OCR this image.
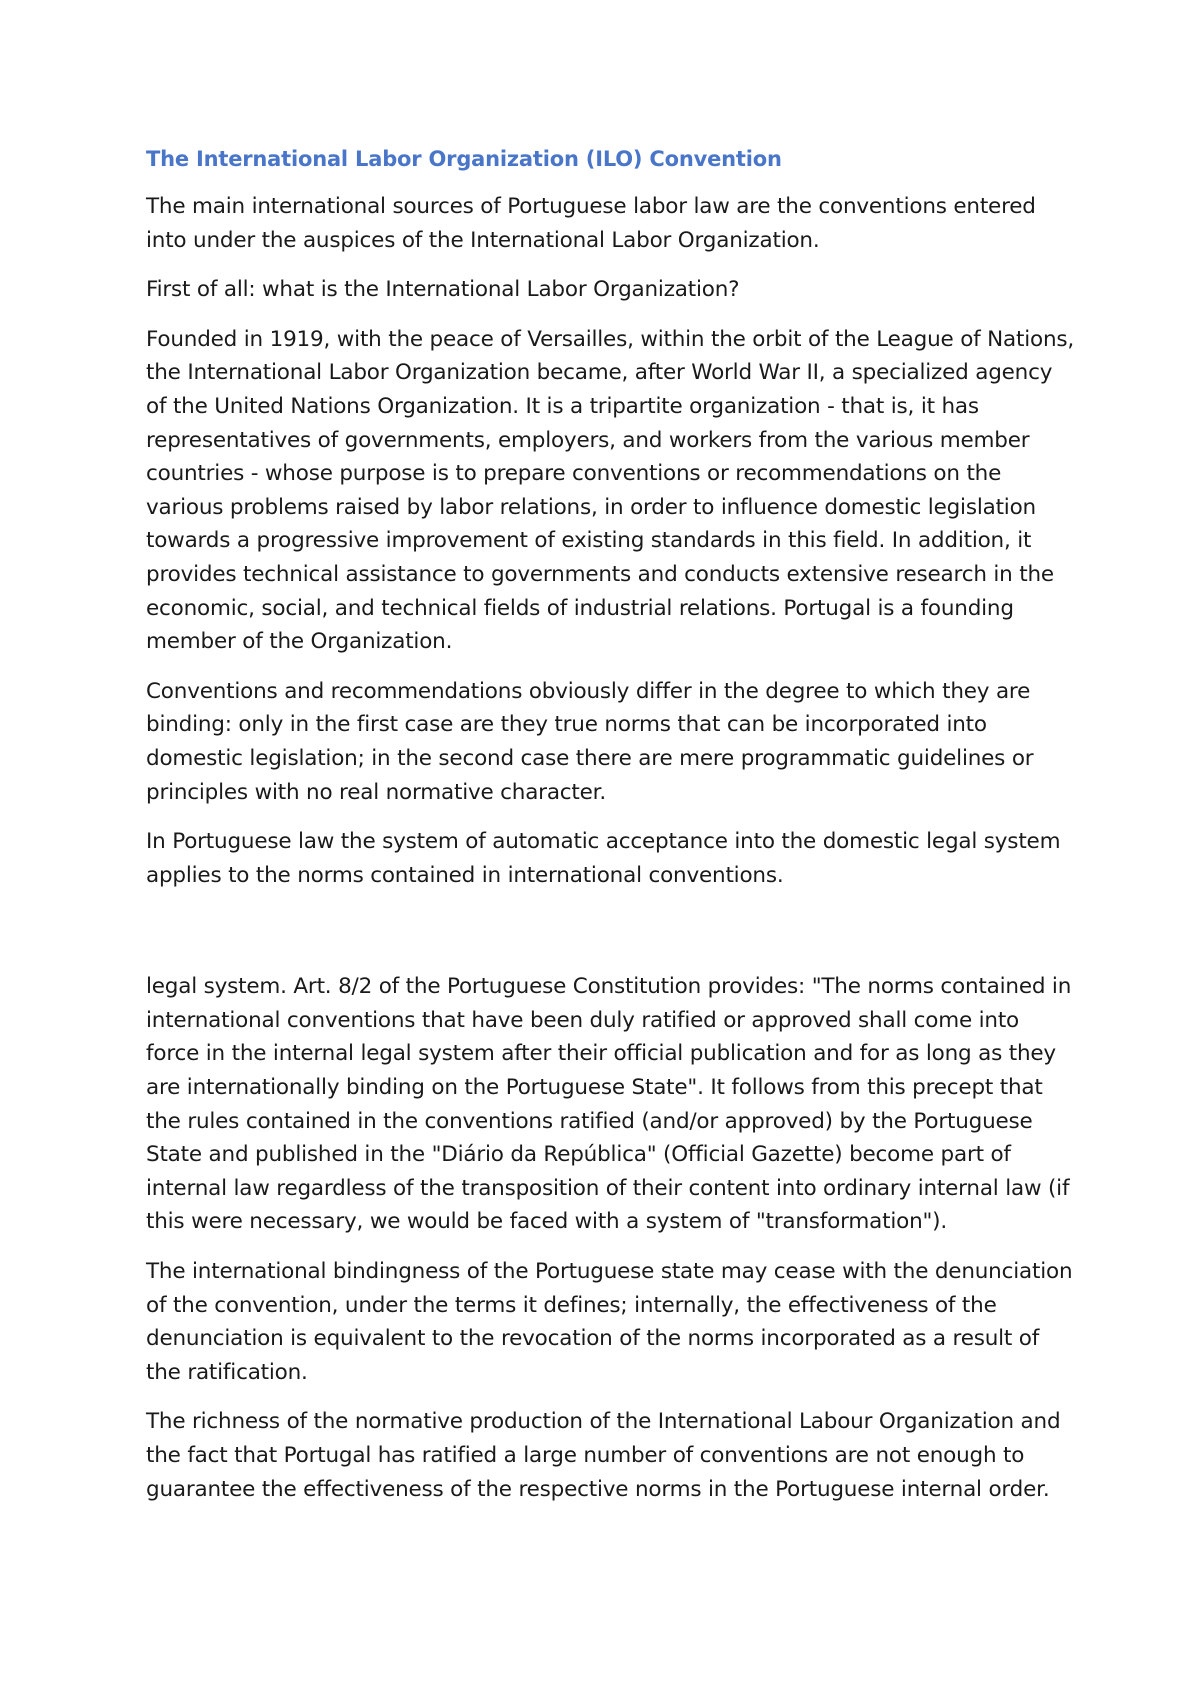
The International Labor Organization (ILO) Convention

The main international sources of Portuguese labor law are the conventions entered into under the auspices of the International Labor Organization.

First of all: what is the International Labor Organization?

Founded in 1919, with the peace of Versailles, within the orbit of the League of Nations, the International Labor Organization became, after World War II, a specialized agency of the United Nations Organization. It is a tripartite organization - that is, it has representatives of governments, employers, and workers from the various member countries - whose purpose is to prepare conventions or recommendations on the various problems raised by labor relations, in order to influence domestic legislation towards a progressive improvement of existing standards in this field. In addition, it provides technical assistance to governments and conducts extensive research in the economic, social, and technical fields of industrial relations. Portugal is a founding member of the Organization.

Conventions and recommendations obviously differ in the degree to which they are binding: only in the first case are they true norms that can be incorporated into domestic legislation; in the second case there are mere programmatic guidelines or principles with no real normative character.

In Portuguese law the system of automatic acceptance into the domestic legal system applies to the norms contained in international conventions.

legal system. Art. 8/2 of the Portuguese Constitution provides: "The norms contained in international conventions that have been duly ratified or approved shall come into force in the internal legal system after their official publication and for as long as they are internationally binding on the Portuguese State". It follows from this precept that the rules contained in the conventions ratified (and/or approved) by the Portuguese State and published in the "Diário da República" (Official Gazette) become part of internal law regardless of the transposition of their content into ordinary internal law (if this were necessary, we would be faced with a system of "transformation").

The international bindingness of the Portuguese state may cease with the denunciation of the convention, under the terms it defines; internally, the effectiveness of the denunciation is equivalent to the revocation of the norms incorporated as a result of the ratification.

The richness of the normative production of the International Labour Organization and the fact that Portugal has ratified a large number of conventions are not enough to guarantee the effectiveness of the respective norms in the Portuguese internal order.
